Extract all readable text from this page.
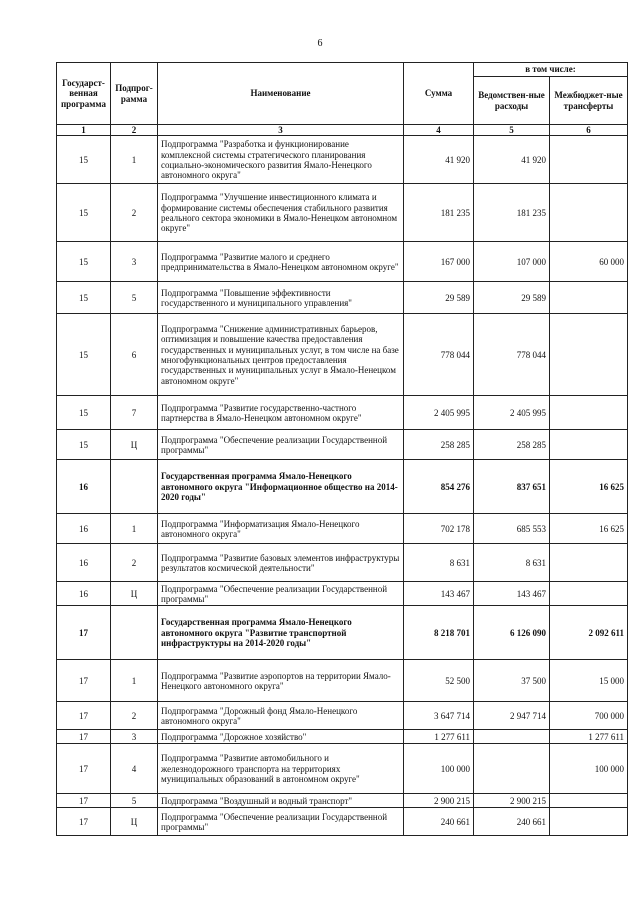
6
Государст-венная программа	Подпрог-рамма	Наименование	Сумма	в том числе:	
				Ведомствен-ные расходы	Межбюджет-ные трансферты
1	2	3	4	5	6
15	1	Подпрограмма "Разработка и функционирование комплексной системы стратегического планирования социально-экономического развития Ямало-Ненецкого автономного округа"	41 920	41 920	
15	2	Подпрограмма "Улучшение инвестиционного климата и формирование системы обеспечения стабильного развития реального сектора экономики в Ямало-Ненецком автономном округе"	181 235	181 235	
15	3	Подпрограмма "Развитие малого и среднего предпринимательства в Ямало-Ненецком автономном округе"	167 000	107 000	60 000
15	5	Подпрограмма "Повышение эффективности государственного и муниципального управления"	29 589	29 589	
15	6	Подпрограмма "Снижение административных барьеров, оптимизация и повышение качества предоставления государственных и муниципальных услуг, в том числе на базе многофункциональных центров предоставления государственных и муниципальных услуг в Ямало-Ненецком автономном округе"	778 044	778 044	
15	7	Подпрограмма "Развитие государственно-частного партнерства в Ямало-Ненецком автономном округе"	2 405 995	2 405 995	
15	Ц	Подпрограмма "Обеспечение реализации Государственной программы"	258 285	258 285	
16		Государственная программа Ямало-Ненецкого автономного округа "Информационное общество на 2014-2020 годы"	854 276	837 651	16 625
16	1	Подпрограмма "Информатизация Ямало-Ненецкого автономного округа"	702 178	685 553	16 625
16	2	Подпрограмма "Развитие базовых элементов инфраструктуры результатов космической деятельности"	8 631	8 631	
16	Ц	Подпрограмма "Обеспечение реализации Государственной программы"	143 467	143 467	
17		Государственная программа Ямало-Ненецкого автономного округа "Развитие транспортной инфраструктуры на 2014-2020 годы"	8 218 701	6 126 090	2 092 611
17	1	Подпрограмма "Развитие аэропортов на территории Ямало-Ненецкого автономного округа"	52 500	37 500	15 000
17	2	Подпрограмма "Дорожный фонд Ямало-Ненецкого автономного округа"	3 647 714	2 947 714	700 000
17	3	Подпрограмма "Дорожное хозяйство"	1 277 611		1 277 611
17	4	Подпрограмма "Развитие автомобильного и железнодорожного транспорта на территориях муниципальных образований в автономном округе"	100 000		100 000
17	5	Подпрограмма "Воздушный и водный транспорт"	2 900 215	2 900 215	
17	Ц	Подпрограмма "Обеспечение реализации Государственной программы"	240 661	240 661	
